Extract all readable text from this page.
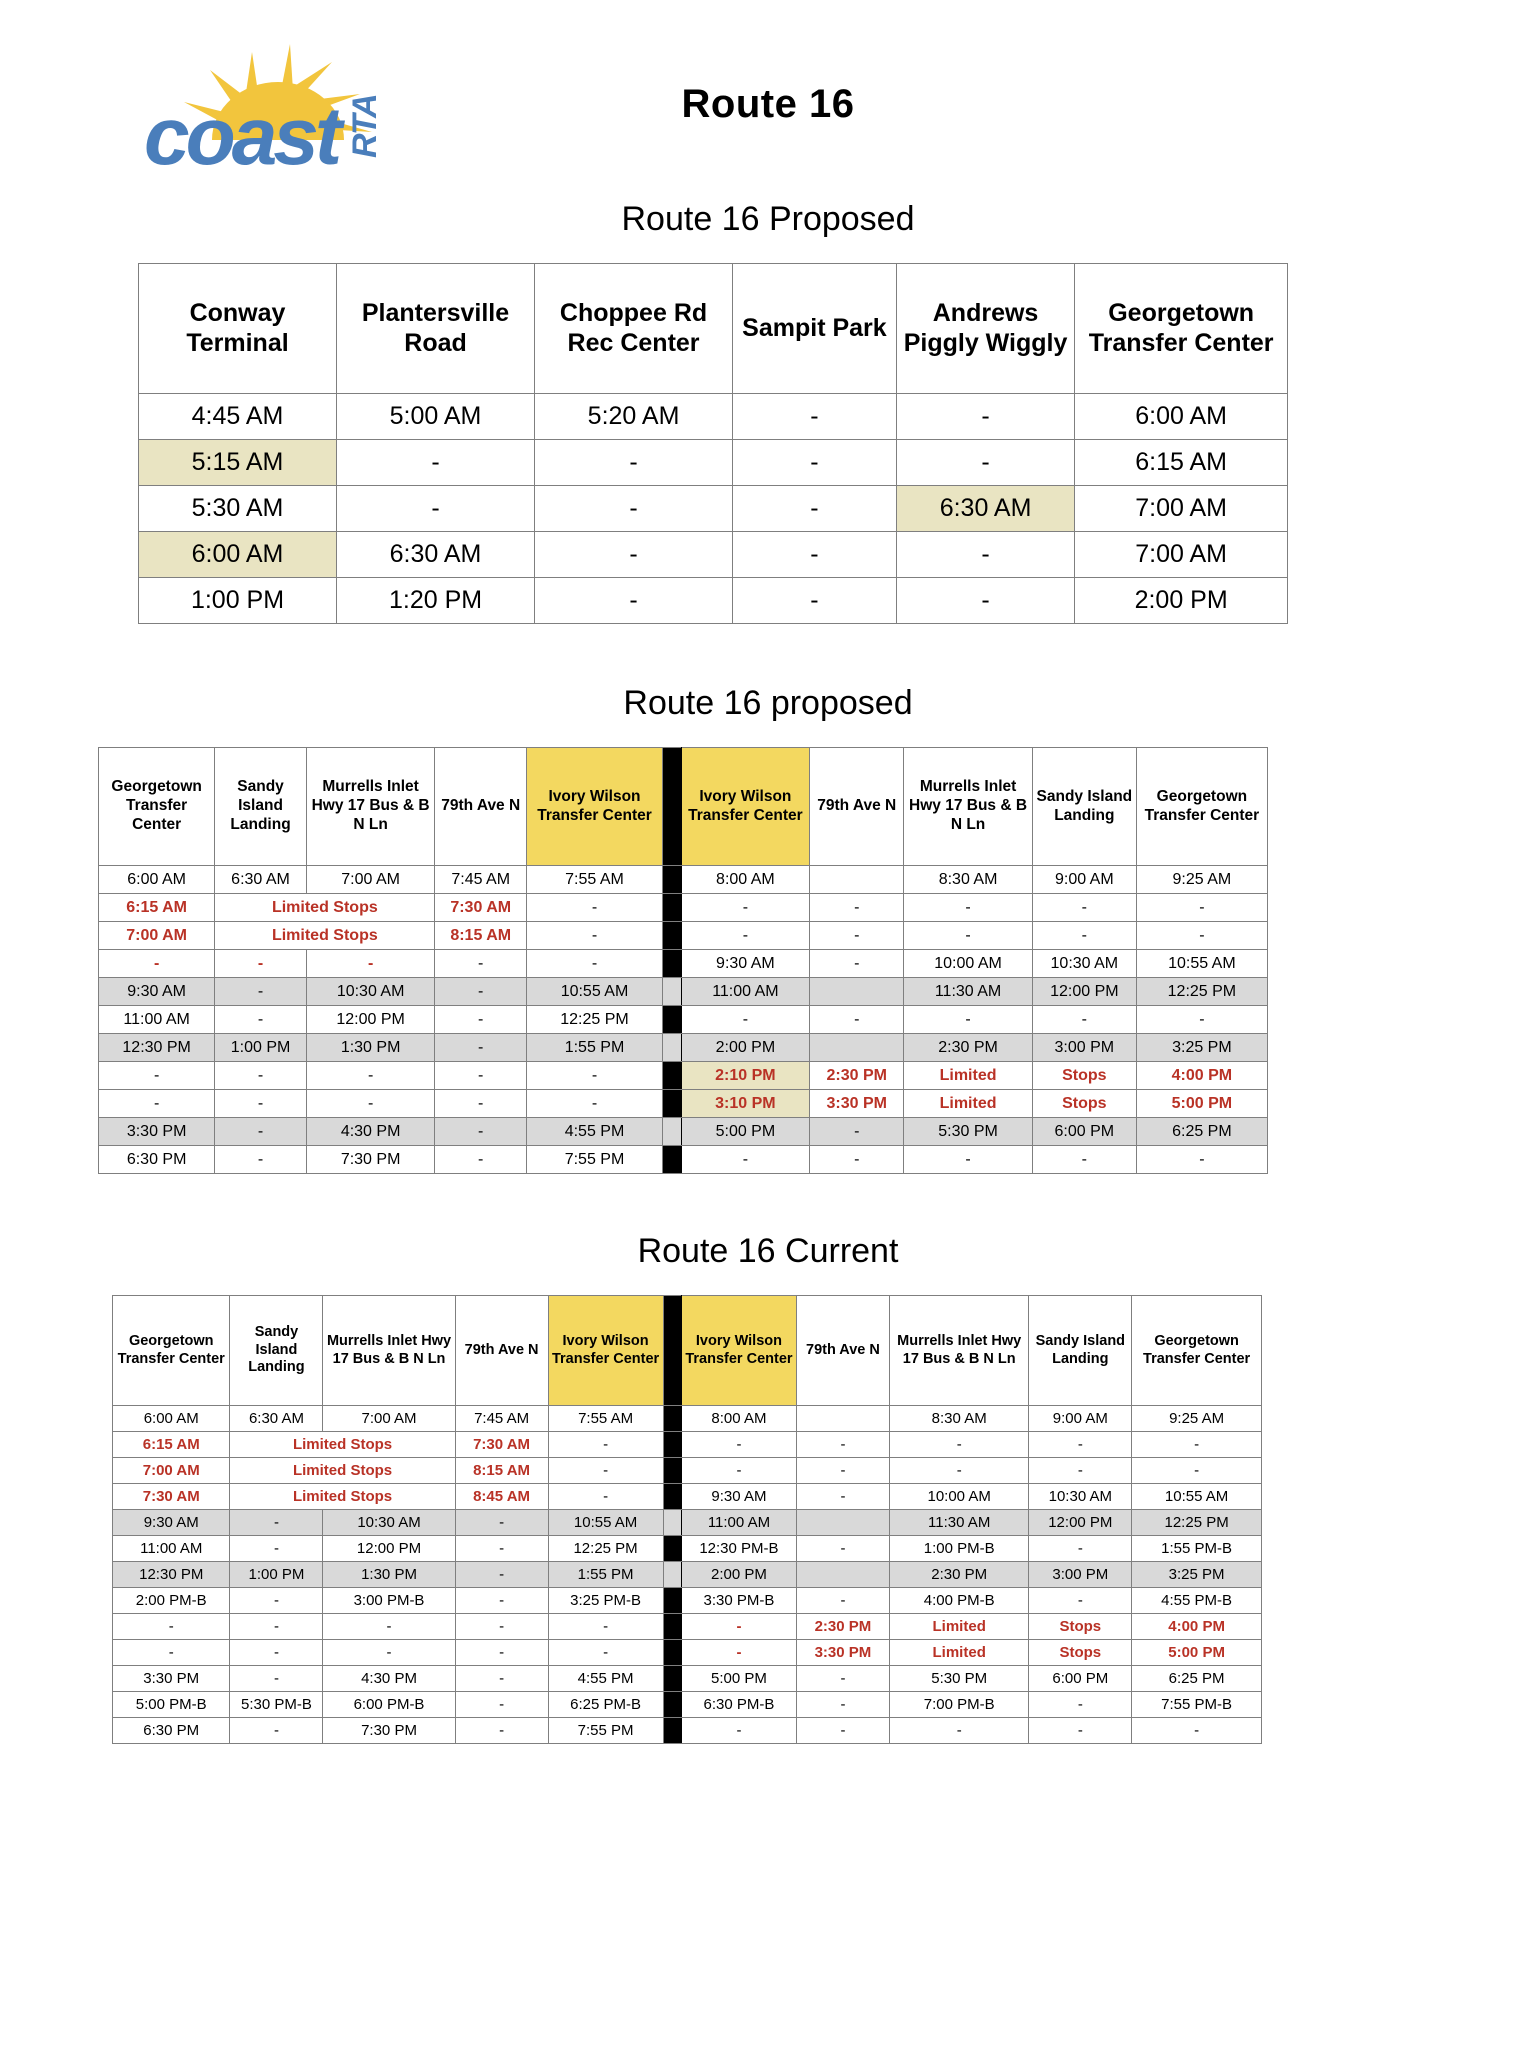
coast RTA	Route 16
Route 16 Proposed
Conway Terminal	Plantersville Road	Choppee Rd Rec Center	Sampit Park	Andrews Piggly Wiggly	Georgetown Transfer Center
4:45 AM	5:00 AM	5:20 AM	-	-	6:00 AM
5:15 AM	-	-	-	-	6:15 AM
5:30 AM	-	-	-	6:30 AM	7:00 AM
6:00 AM	6:30 AM	-	-	-	7:00 AM
1:00 PM	1:20 PM	-	-	-	2:00 PM
Route 16 proposed
Georgetown Transfer Center	Sandy Island Landing	Murrells Inlet Hwy 17 Bus & B N Ln	79th Ave N	Ivory Wilson Transfer Center		Ivory Wilson Transfer Center	79th Ave N	Murrells Inlet Hwy 17 Bus & B N Ln	Sandy Island Landing	Georgetown Transfer Center
6:00 AM	6:30 AM	7:00 AM	7:45 AM	7:55 AM		8:00 AM		8:30 AM	9:00 AM	9:25 AM
6:15 AM	Limited Stops		7:30 AM	-		-	-	-	-	-
7:00 AM	Limited Stops		8:15 AM	-		-	-	-	-	-
-	-	-	-	-		9:30 AM	-	10:00 AM	10:30 AM	10:55 AM
9:30 AM	-	10:30 AM	-	10:55 AM		11:00 AM		11:30 AM	12:00 PM	12:25 PM
11:00 AM	-	12:00 PM	-	12:25 PM		-	-	-	-	-
12:30 PM	1:00 PM	1:30 PM	-	1:55 PM		2:00 PM		2:30 PM	3:00 PM	3:25 PM
-	-	-	-	-		2:10 PM	2:30 PM	Limited	Stops	4:00 PM
-	-	-	-	-		3:10 PM	3:30 PM	Limited	Stops	5:00 PM
3:30 PM	-	4:30 PM	-	4:55 PM		5:00 PM	-	5:30 PM	6:00 PM	6:25 PM
6:30 PM	-	7:30 PM	-	7:55 PM		-	-	-	-	-
Route 16 Current
Georgetown Transfer Center	Sandy Island Landing	Murrells Inlet Hwy 17 Bus & B N Ln	79th Ave N	Ivory Wilson Transfer Center		Ivory Wilson Transfer Center	79th Ave N	Murrells Inlet Hwy 17 Bus & B N Ln	Sandy Island Landing	Georgetown Transfer Center
6:00 AM	6:30 AM	7:00 AM	7:45 AM	7:55 AM		8:00 AM		8:30 AM	9:00 AM	9:25 AM
6:15 AM	Limited Stops		7:30 AM	-		-	-	-	-	-
7:00 AM	Limited Stops		8:15 AM	-		-	-	-	-	-
7:30 AM	Limited Stops		8:45 AM	-		9:30 AM	-	10:00 AM	10:30 AM	10:55 AM
9:30 AM	-	10:30 AM	-	10:55 AM		11:00 AM		11:30 AM	12:00 PM	12:25 PM
11:00 AM	-	12:00 PM	-	12:25 PM		12:30 PM-B	-	1:00 PM-B	-	1:55 PM-B
12:30 PM	1:00 PM	1:30 PM	-	1:55 PM		2:00 PM		2:30 PM	3:00 PM	3:25 PM
2:00 PM-B	-	3:00 PM-B	-	3:25 PM-B		3:30 PM-B	-	4:00 PM-B	-	4:55 PM-B
-	-	-	-	-		-	2:30 PM	Limited	Stops	4:00 PM
-	-	-	-	-		-	3:30 PM	Limited	Stops	5:00 PM
3:30 PM	-	4:30 PM	-	4:55 PM		5:00 PM	-	5:30 PM	6:00 PM	6:25 PM
5:00 PM-B	5:30 PM-B	6:00 PM-B	-	6:25 PM-B		6:30 PM-B	-	7:00 PM-B	-	7:55 PM-B
6:30 PM	-	7:30 PM	-	7:55 PM		-	-	-	-	-
